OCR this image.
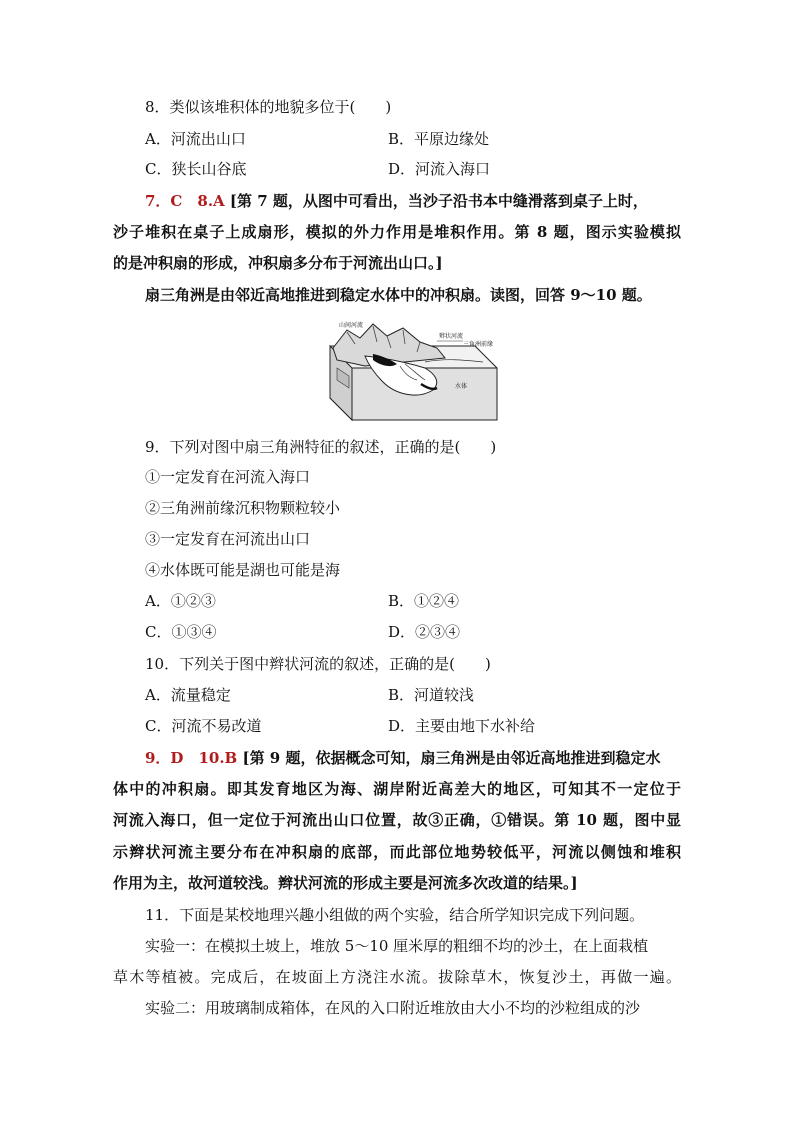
8．类似该堆积体的地貌多位于(　　)
A．河流出山口	B．平原边缘处
C．狭长山谷底	D．河流入海口
7．C　8.A [第 7 题，从图中可看出，当沙子沿书本中缝滑落到桌子上时，
沙子堆积在桌子上成扇形，模拟的外力作用是堆积作用。第 8 题，图示实验模拟
的是冲积扇的形成，冲积扇多分布于河流出山口。]
扇三角洲是由邻近高地推进到稳定水体中的冲积扇。读图，回答 9～10 题。
山间河流
辫状河流
三角洲前缘
水体
9．下列对图中扇三角洲特征的叙述，正确的是(　　)
①一定发育在河流入海口
②三角洲前缘沉积物颗粒较小
③一定发育在河流出山口
④水体既可能是湖也可能是海
A．①②③	B．①②④
C．①③④	D．②③④
10．下列关于图中辫状河流的叙述，正确的是(　　)
A．流量稳定	B．河道较浅
C．河流不易改道	D．主要由地下水补给
9．D　10.B [第 9 题，依据概念可知，扇三角洲是由邻近高地推进到稳定水
体中的冲积扇。即其发育地区为海、湖岸附近高差大的地区，可知其不一定位于
河流入海口，但一定位于河流出山口位置，故③正确，①错误。第 10 题，图中显
示辫状河流主要分布在冲积扇的底部，而此部位地势较低平，河流以侧蚀和堆积
作用为主，故河道较浅。辫状河流的形成主要是河流多次改道的结果。]
11．下面是某校地理兴趣小组做的两个实验，结合所学知识完成下列问题。
实验一：在模拟土坡上，堆放 5～10 厘米厚的粗细不均的沙土，在上面栽植
草木等植被。完成后，在坡面上方浇注水流。拔除草木，恢复沙土，再做一遍。
实验二：用玻璃制成箱体，在风的入口附近堆放由大小不均的沙粒组成的沙
